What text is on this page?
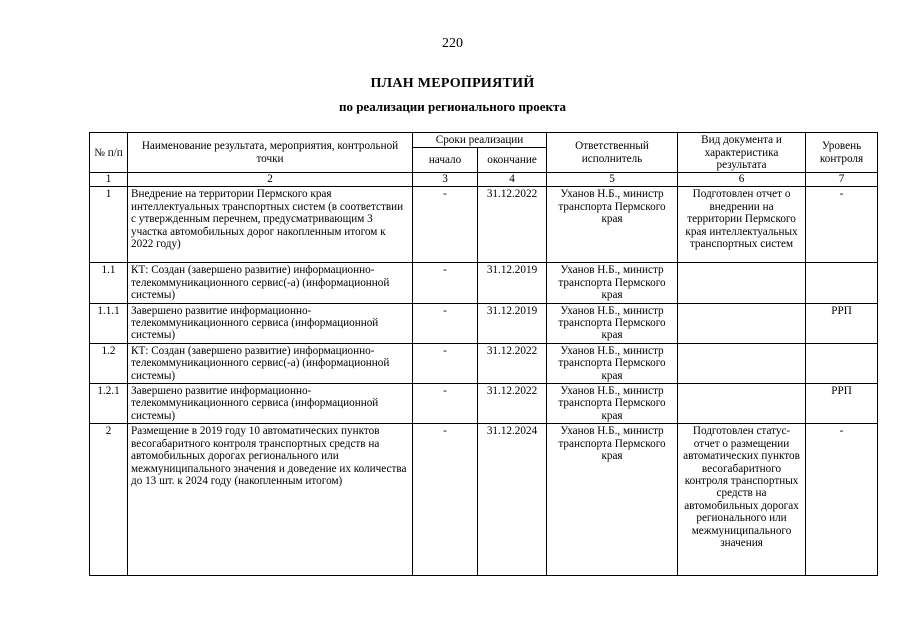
220
ПЛАН МЕРОПРИЯТИЙ
по реализации регионального проекта
№ п/п	Наименование результата, мероприятия, контрольной точки	Сроки реализации		Ответственный исполнитель	Вид документа и характеристика результата	Уровень контроля
		начало	окончание			
1	2	3	4	5	6	7
1	Внедрение на территории Пермского края интеллектуальных транспортных систем (в соответствии с утвержденным перечнем, предусматривающим 3 участка автомобильных дорог накопленным итогом к 2022 году)	-	31.12.2022	Уханов Н.Б., министр транспорта Пермского края	Подготовлен отчет о внедрении на территории Пермского края интеллектуальных транспортных систем	-
1.1	КТ: Создан (завершено развитие) информационно-телекоммуникационного сервис(-а) (информационной системы)	-	31.12.2019	Уханов Н.Б., министр транспорта Пермского края		
1.1.1	Завершено развитие информационно-телекоммуникационного сервиса (информационной системы)	-	31.12.2019	Уханов Н.Б., министр транспорта Пермского края		РРП
1.2	КТ: Создан (завершено развитие) информационно-телекоммуникационного сервис(-а) (информационной системы)	-	31.12.2022	Уханов Н.Б., министр транспорта Пермского края		
1.2.1	Завершено развитие информационно-телекоммуникационного сервиса (информационной системы)	-	31.12.2022	Уханов Н.Б., министр транспорта Пермского края		РРП
2	Размещение в 2019 году 10 автоматических пунктов весогабаритного контроля транспортных средств на автомобильных дорогах регионального или межмуниципального значения и доведение их количества до 13 шт. к 2024 году (накопленным итогом)	-	31.12.2024	Уханов Н.Б., министр транспорта Пермского края	Подготовлен статус-отчет о размещении автоматических пунктов весогабаритного контроля транспортных средств на автомобильных дорогах регионального или межмуниципального значения	-
